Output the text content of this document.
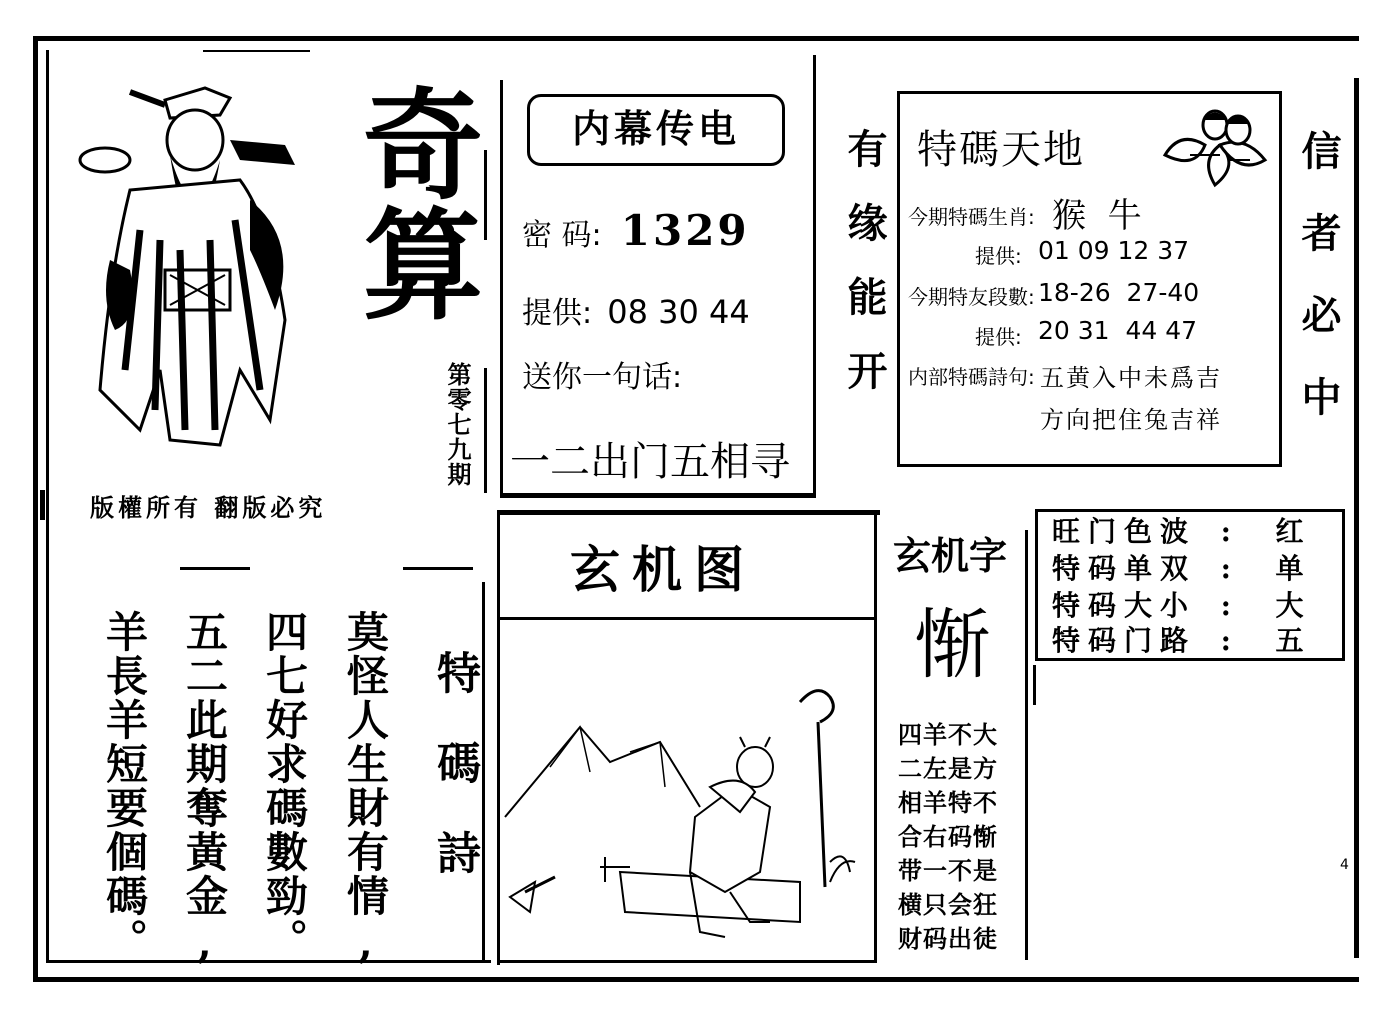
奇算
第零七九期
版權所有 翻版必究
内幕传电
密 码: 1329
提供: 08 30 44
送你一句话:
一二出门五相寻
有缘能开 特碼天地
今期特碼生肖: 猴  牛
提供: 01 09 12 37
今期特友段數: 18-26  27-40
提供: 20 31  44 47
内部特碼詩句: 五黄入中未爲吉
方向把住兔吉祥 信者必中
玄机图	玄机字
惭
四羊不大
二左是方
相羊特不
合右码惭
带一不是
横只会狂
财码出徒
旺门色波 : 红
特码单双 : 单
特码大小 : 大
特码门路 : 五
特碼詩
莫怪人生財有情,
四七好求碼數勁。
五二此期奪黃金,
羊長羊短要個碼。	4
